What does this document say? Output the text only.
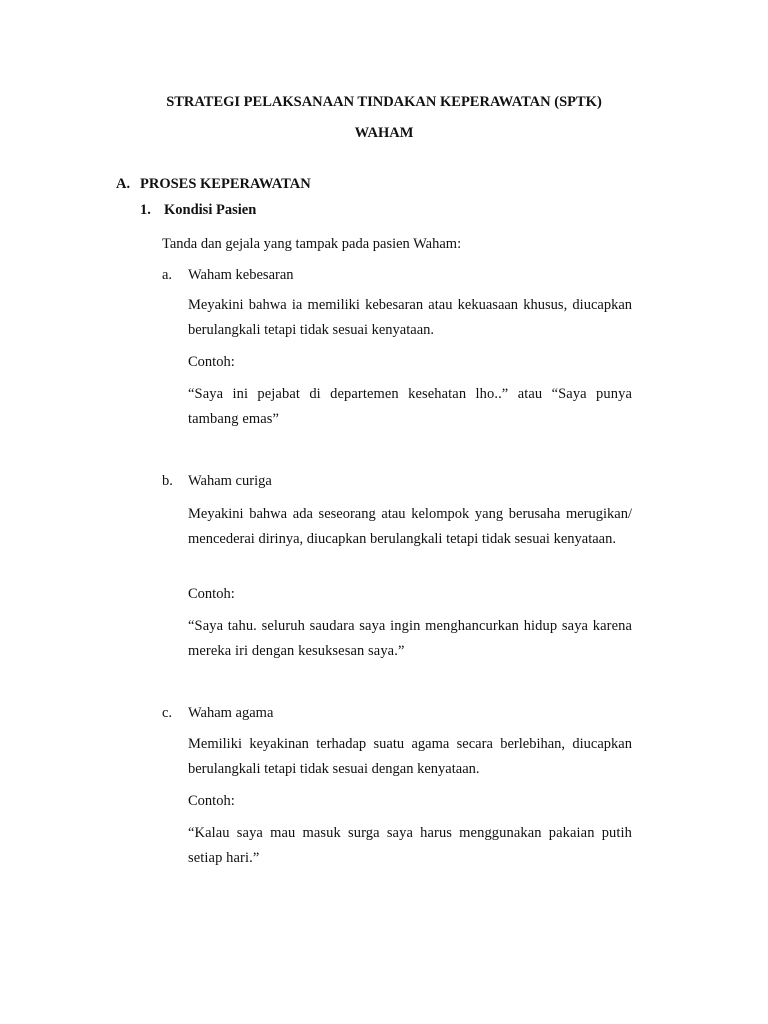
STRATEGI PELAKSANAAN TINDAKAN KEPERAWATAN (SPTK)
WAHAM
A. PROSES KEPERAWATAN
1. Kondisi Pasien
Tanda dan gejala yang tampak pada pasien Waham:
a. Waham kebesaran
Meyakini bahwa ia memiliki kebesaran atau kekuasaan khusus, diucapkan berulangkali tetapi tidak sesuai kenyataan.
Contoh:
“Saya ini pejabat di departemen kesehatan lho..” atau “Saya punya tambang emas”
b. Waham curiga
Meyakini bahwa ada seseorang atau kelompok yang berusaha merugikan/ mencederai dirinya, diucapkan berulangkali tetapi tidak sesuai kenyataan.
Contoh:
“Saya tahu. seluruh saudara saya ingin menghancurkan hidup saya karena mereka iri dengan kesuksesan saya.”
c. Waham agama
Memiliki keyakinan terhadap suatu agama secara berlebihan, diucapkan berulangkali tetapi tidak sesuai dengan kenyataan.
Contoh:
“Kalau saya mau masuk surga saya harus menggunakan pakaian putih setiap hari.”
